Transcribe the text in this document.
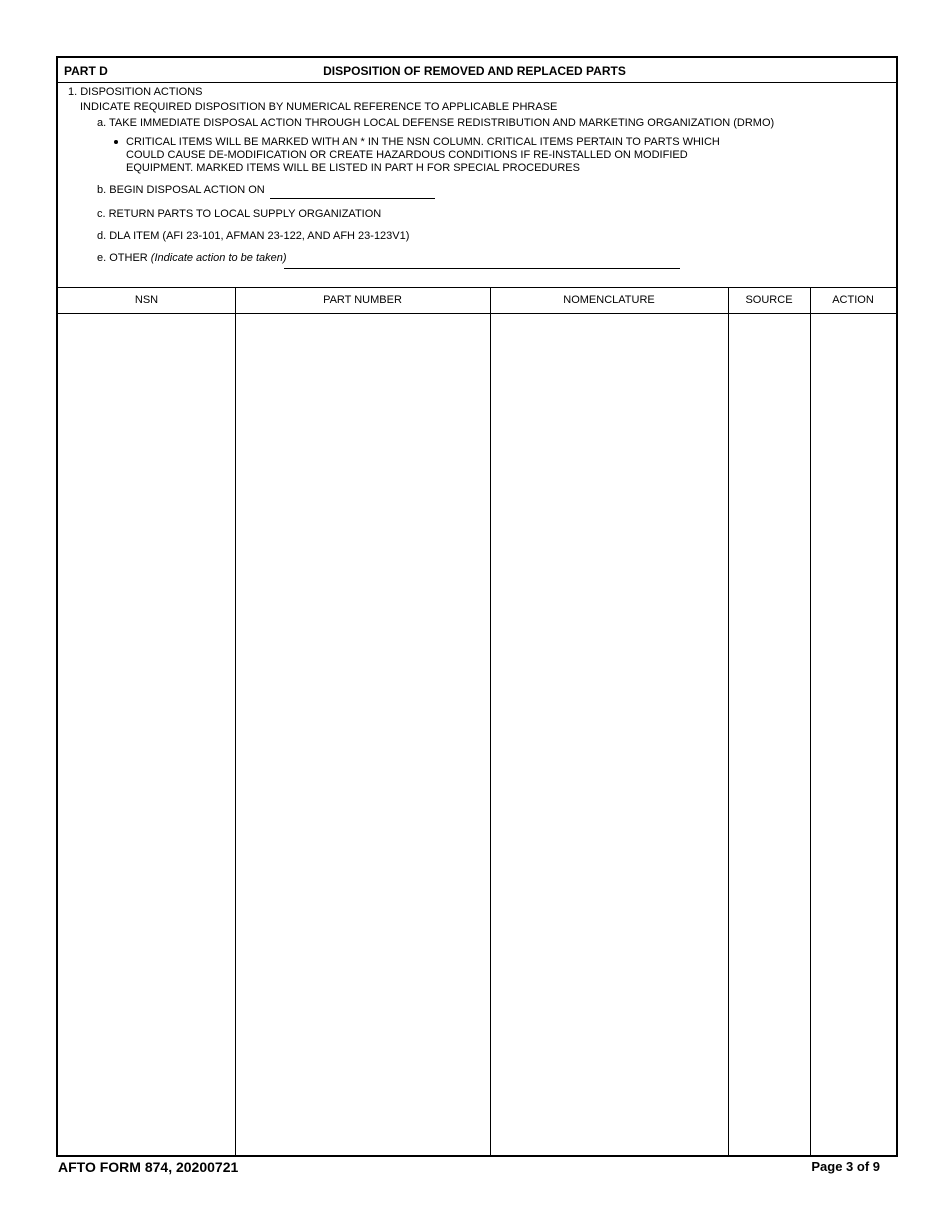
PART D	DISPOSITION OF REMOVED AND REPLACED PARTS
1. DISPOSITION ACTIONS
INDICATE REQUIRED DISPOSITION BY NUMERICAL REFERENCE TO APPLICABLE PHRASE
a. TAKE IMMEDIATE DISPOSAL ACTION THROUGH LOCAL DEFENSE REDISTRIBUTION AND MARKETING ORGANIZATION (DRMO)
CRITICAL ITEMS WILL BE MARKED WITH AN * IN THE NSN COLUMN. CRITICAL ITEMS PERTAIN TO PARTS WHICH
COULD CAUSE DE-MODIFICATION OR CREATE HAZARDOUS CONDITIONS IF RE-INSTALLED ON MODIFIED
EQUIPMENT. MARKED ITEMS WILL BE LISTED IN PART H FOR SPECIAL PROCEDURES
b. BEGIN DISPOSAL ACTION ON
c. RETURN PARTS TO LOCAL SUPPLY ORGANIZATION
d. DLA ITEM (AFI 23-101, AFMAN 23-122, AND AFH 23-123V1)
e. OTHER (Indicate action to be taken)
NSN	PART NUMBER	NOMENCLATURE	SOURCE	ACTION
AFTO FORM 874, 20200721	Page 3 of 9
